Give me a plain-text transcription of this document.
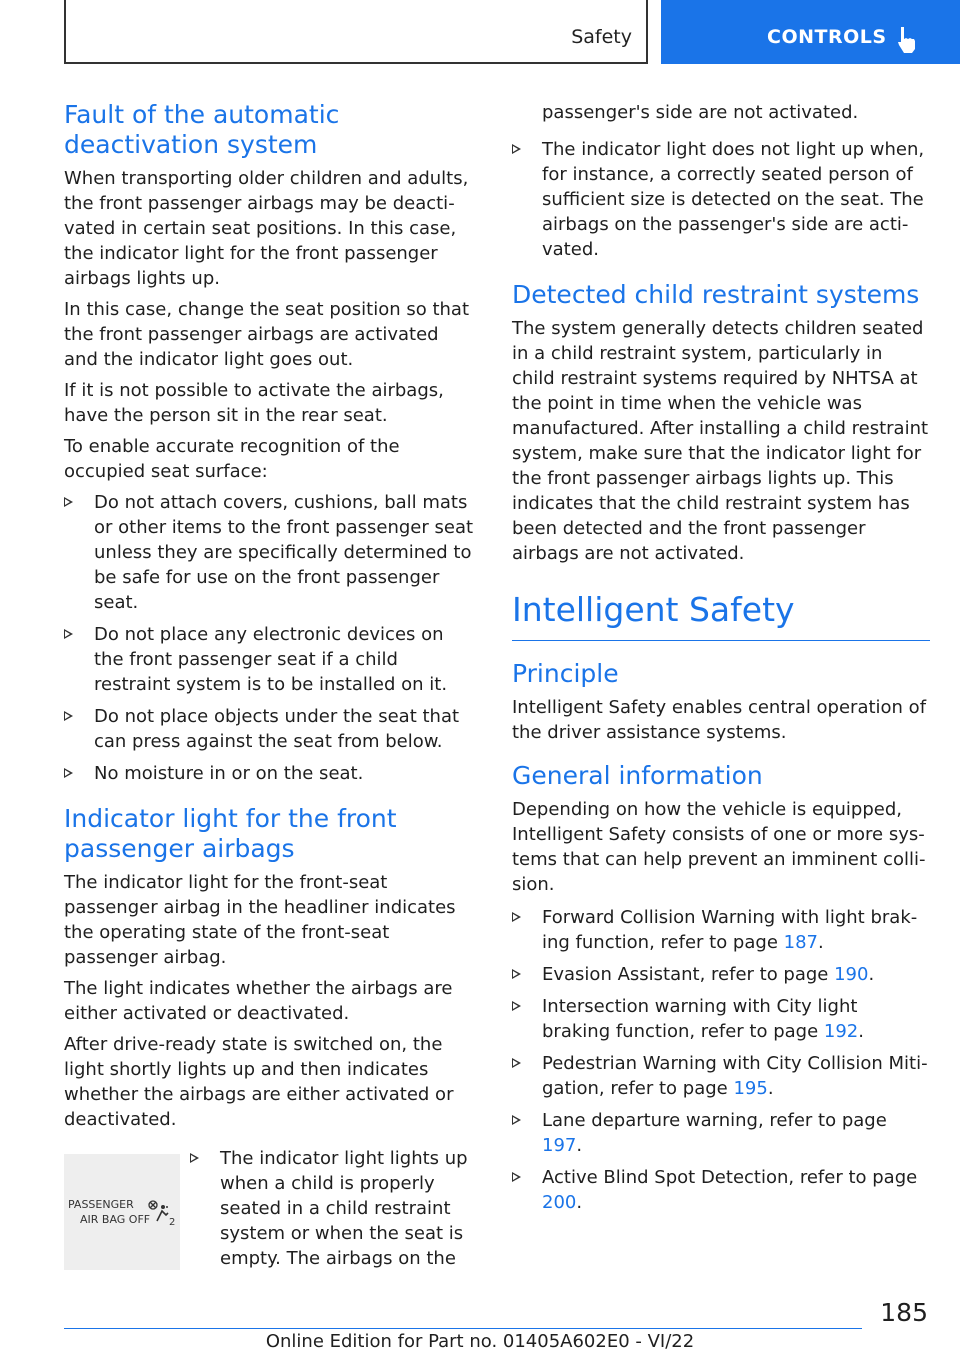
Safety	CONTROLS
Fault of the automatic deactivation system

When transporting older children and adults, the front passenger airbags may be deactivated in certain seat positions. In this case, the indicator light for the front passenger airbags lights up.

In this case, change the seat position so that the front passenger airbags are activated and the indicator light goes out.

If it is not possible to activate the airbags, have the person sit in the rear seat.

To enable accurate recognition of the occupied seat surface:

Do not attach covers, cushions, ball mats or other items to the front passenger seat unless they are specifically determined to be safe for use on the front passenger seat.
Do not place any electronic devices on the front passenger seat if a child restraint system is to be installed on it.
Do not place objects under the seat that can press against the seat from below.
No moisture in or on the seat.
Indicator light for the front passenger airbags

The indicator light for the front-seat passenger airbag in the headliner indicates the operating state of the front-seat passenger airbag.

The light indicates whether the airbags are either activated or deactivated.

After drive-ready state is switched on, the light shortly lights up and then indicates whether the airbags are either activated or deactivated.

PASSENGER
AIR BAG OFF 2
The indicator light lights up when a child is properly seated in a child restraint system or when the seat is empty. The airbags on the
passenger's side are not activated.
The indicator light does not light up when, for instance, a correctly seated person of sufficient size is detected on the seat. The airbags on the passenger's side are activated.
Detected child restraint systems

The system generally detects children seated in a child restraint system, particularly in child restraint systems required by NHTSA at the point in time when the vehicle was manufactured. After installing a child restraint system, make sure that the indicator light for the front passenger airbags lights up. This indicates that the child restraint system has been detected and the front passenger airbags are not activated.

Intelligent Safety
Principle

Intelligent Safety enables central operation of the driver assistance systems.

General information

Depending on how the vehicle is equipped, Intelligent Safety consists of one or more systems that can help prevent an imminent collision.

Forward Collision Warning with light braking function, refer to page 187.
Evasion Assistant, refer to page 190.
Intersection warning with City light braking function, refer to page 192.
Pedestrian Warning with City Collision Mitigation, refer to page 195.
Lane departure warning, refer to page 197.
Active Blind Spot Detection, refer to page 200.
185
Online Edition for Part no. 01405A602E0 - VI/22
